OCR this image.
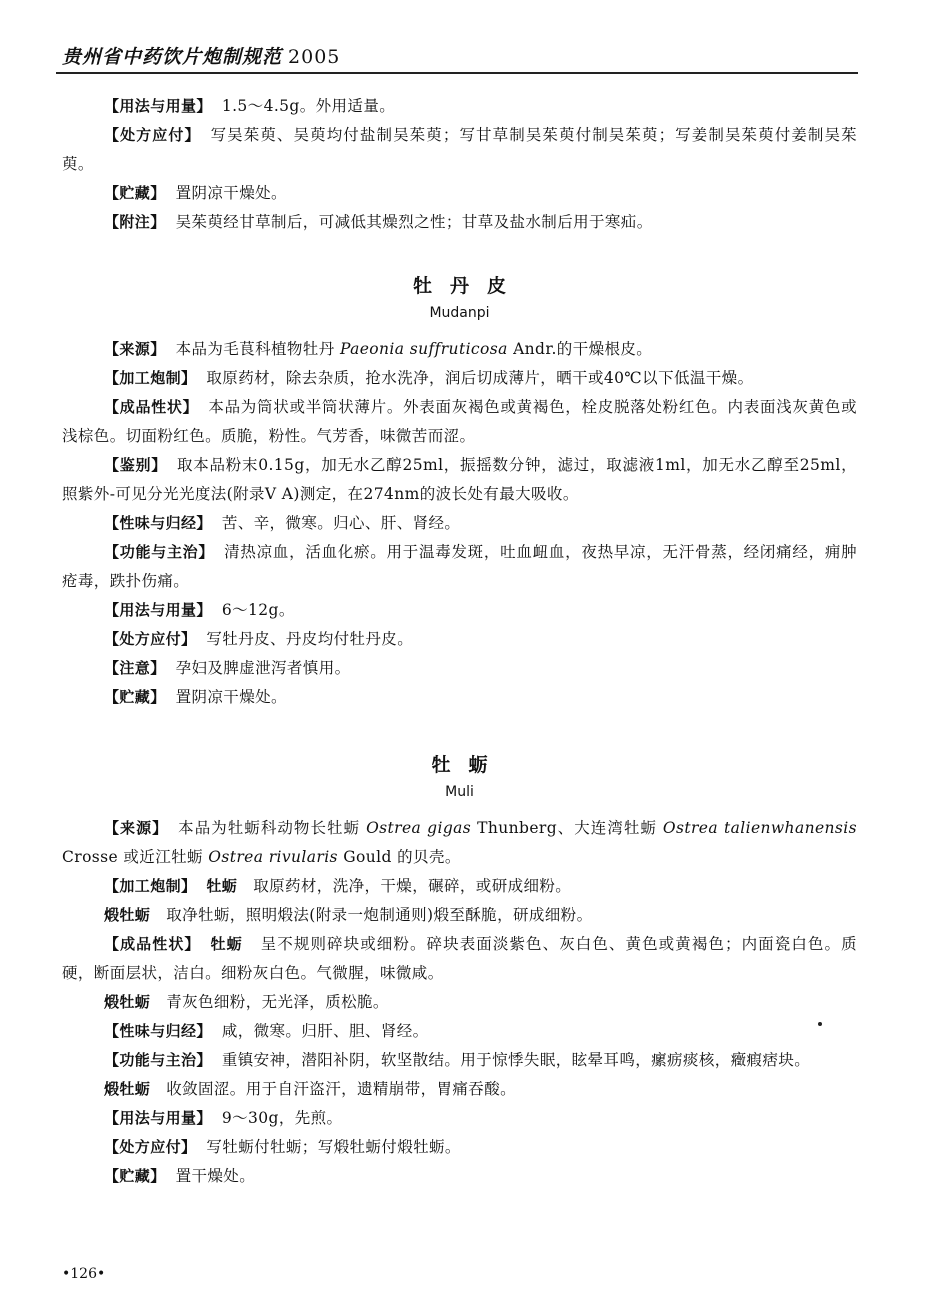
贵州省中药饮片炮制规范 2005

【用法与用量】 1.5～4.5g。外用适量。

【处方应付】 写吴茱萸、吴萸均付盐制吴茱萸；写甘草制吴茱萸付制吴茱萸；写姜制吴茱萸付姜制吴茱萸。

【贮藏】 置阴凉干燥处。

【附注】 吴茱萸经甘草制后，可减低其燥烈之性；甘草及盐水制后用于寒疝。

牡丹皮

Mudanpi

【来源】 本品为毛茛科植物牡丹 Paeonia suffruticosa Andr.的干燥根皮。

【加工炮制】 取原药材，除去杂质，抢水洗净，润后切成薄片，晒干或40℃以下低温干燥。

【成品性状】 本品为筒状或半筒状薄片。外表面灰褐色或黄褐色，栓皮脱落处粉红色。内表面浅灰黄色或浅棕色。切面粉红色。质脆，粉性。气芳香，味微苦而涩。

【鉴别】 取本品粉末0.15g，加无水乙醇25ml，振摇数分钟，滤过，取滤液1ml，加无水乙醇至25ml，照紫外-可见分光光度法(附录Ⅴ A)测定，在274nm的波长处有最大吸收。

【性味与归经】 苦、辛，微寒。归心、肝、肾经。

【功能与主治】 清热凉血，活血化瘀。用于温毒发斑，吐血衄血，夜热早凉，无汗骨蒸，经闭痛经，痈肿疮毒，跌扑伤痛。

【用法与用量】 6～12g。

【处方应付】 写牡丹皮、丹皮均付牡丹皮。

【注意】 孕妇及脾虚泄泻者慎用。

【贮藏】 置阴凉干燥处。

牡蛎

Muli

【来源】 本品为牡蛎科动物长牡蛎 Ostrea gigas Thunberg、大连湾牡蛎 Ostrea talienwhanensis Crosse 或近江牡蛎 Ostrea rivularis Gould 的贝壳。

【加工炮制】 牡蛎 取原药材，洗净，干燥，碾碎，或研成细粉。

煅牡蛎 取净牡蛎，照明煅法(附录一炮制通则)煅至酥脆，研成细粉。

【成品性状】 牡蛎 呈不规则碎块或细粉。碎块表面淡紫色、灰白色、黄色或黄褐色；内面瓷白色。质硬，断面层状，洁白。细粉灰白色。气微腥，味微咸。

煅牡蛎 青灰色细粉，无光泽，质松脆。

【性味与归经】 咸，微寒。归肝、胆、肾经。

【功能与主治】 重镇安神，潜阳补阴，软坚散结。用于惊悸失眠，眩晕耳鸣，瘰疬痰核，癥瘕痞块。

煅牡蛎 收敛固涩。用于自汗盗汗，遗精崩带，胃痛吞酸。

【用法与用量】 9～30g，先煎。

【处方应付】 写牡蛎付牡蛎；写煅牡蛎付煅牡蛎。

【贮藏】 置干燥处。

•126•
